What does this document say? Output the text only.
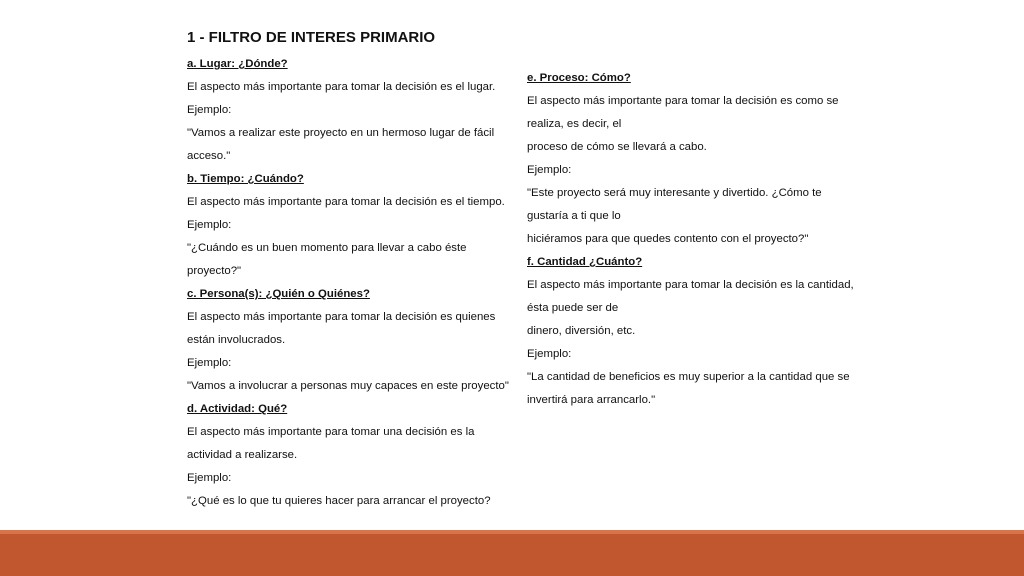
1 - FILTRO DE INTERES PRIMARIO
a. Lugar: ¿Dónde?
El aspecto más importante para tomar la decisión es el lugar.
Ejemplo:
"Vamos a realizar este proyecto en un hermoso lugar de fácil
acceso."
b. Tiempo: ¿Cuándo?
El aspecto más importante para tomar la decisión es el tiempo.
Ejemplo:
"¿Cuándo es un buen momento para llevar a cabo éste
proyecto?"
c. Persona(s): ¿Quién o Quiénes?
El aspecto más importante para tomar la decisión es quienes
están involucrados.
Ejemplo:
"Vamos a involucrar a personas muy capaces en este proyecto"
d. Actividad: Qué?
El aspecto más importante para tomar una decisión es la
actividad a realizarse.
Ejemplo:
"¿Qué es lo que tu quieres hacer para arrancar el proyecto?
e. Proceso: Cómo?
El aspecto más importante para tomar la decisión es como se
realiza, es decir, el
proceso de cómo se llevará a cabo.
Ejemplo:
"Este proyecto será muy interesante y divertido. ¿Cómo te
gustaría a ti que lo
hiciéramos para que quedes contento con el proyecto?"
f. Cantidad ¿Cuánto?
El aspecto más importante para tomar la decisión es la cantidad,
ésta puede ser de
dinero, diversión, etc.
Ejemplo:
"La cantidad de beneficios es muy superior a la cantidad que se
invertirá para arrancarlo."
